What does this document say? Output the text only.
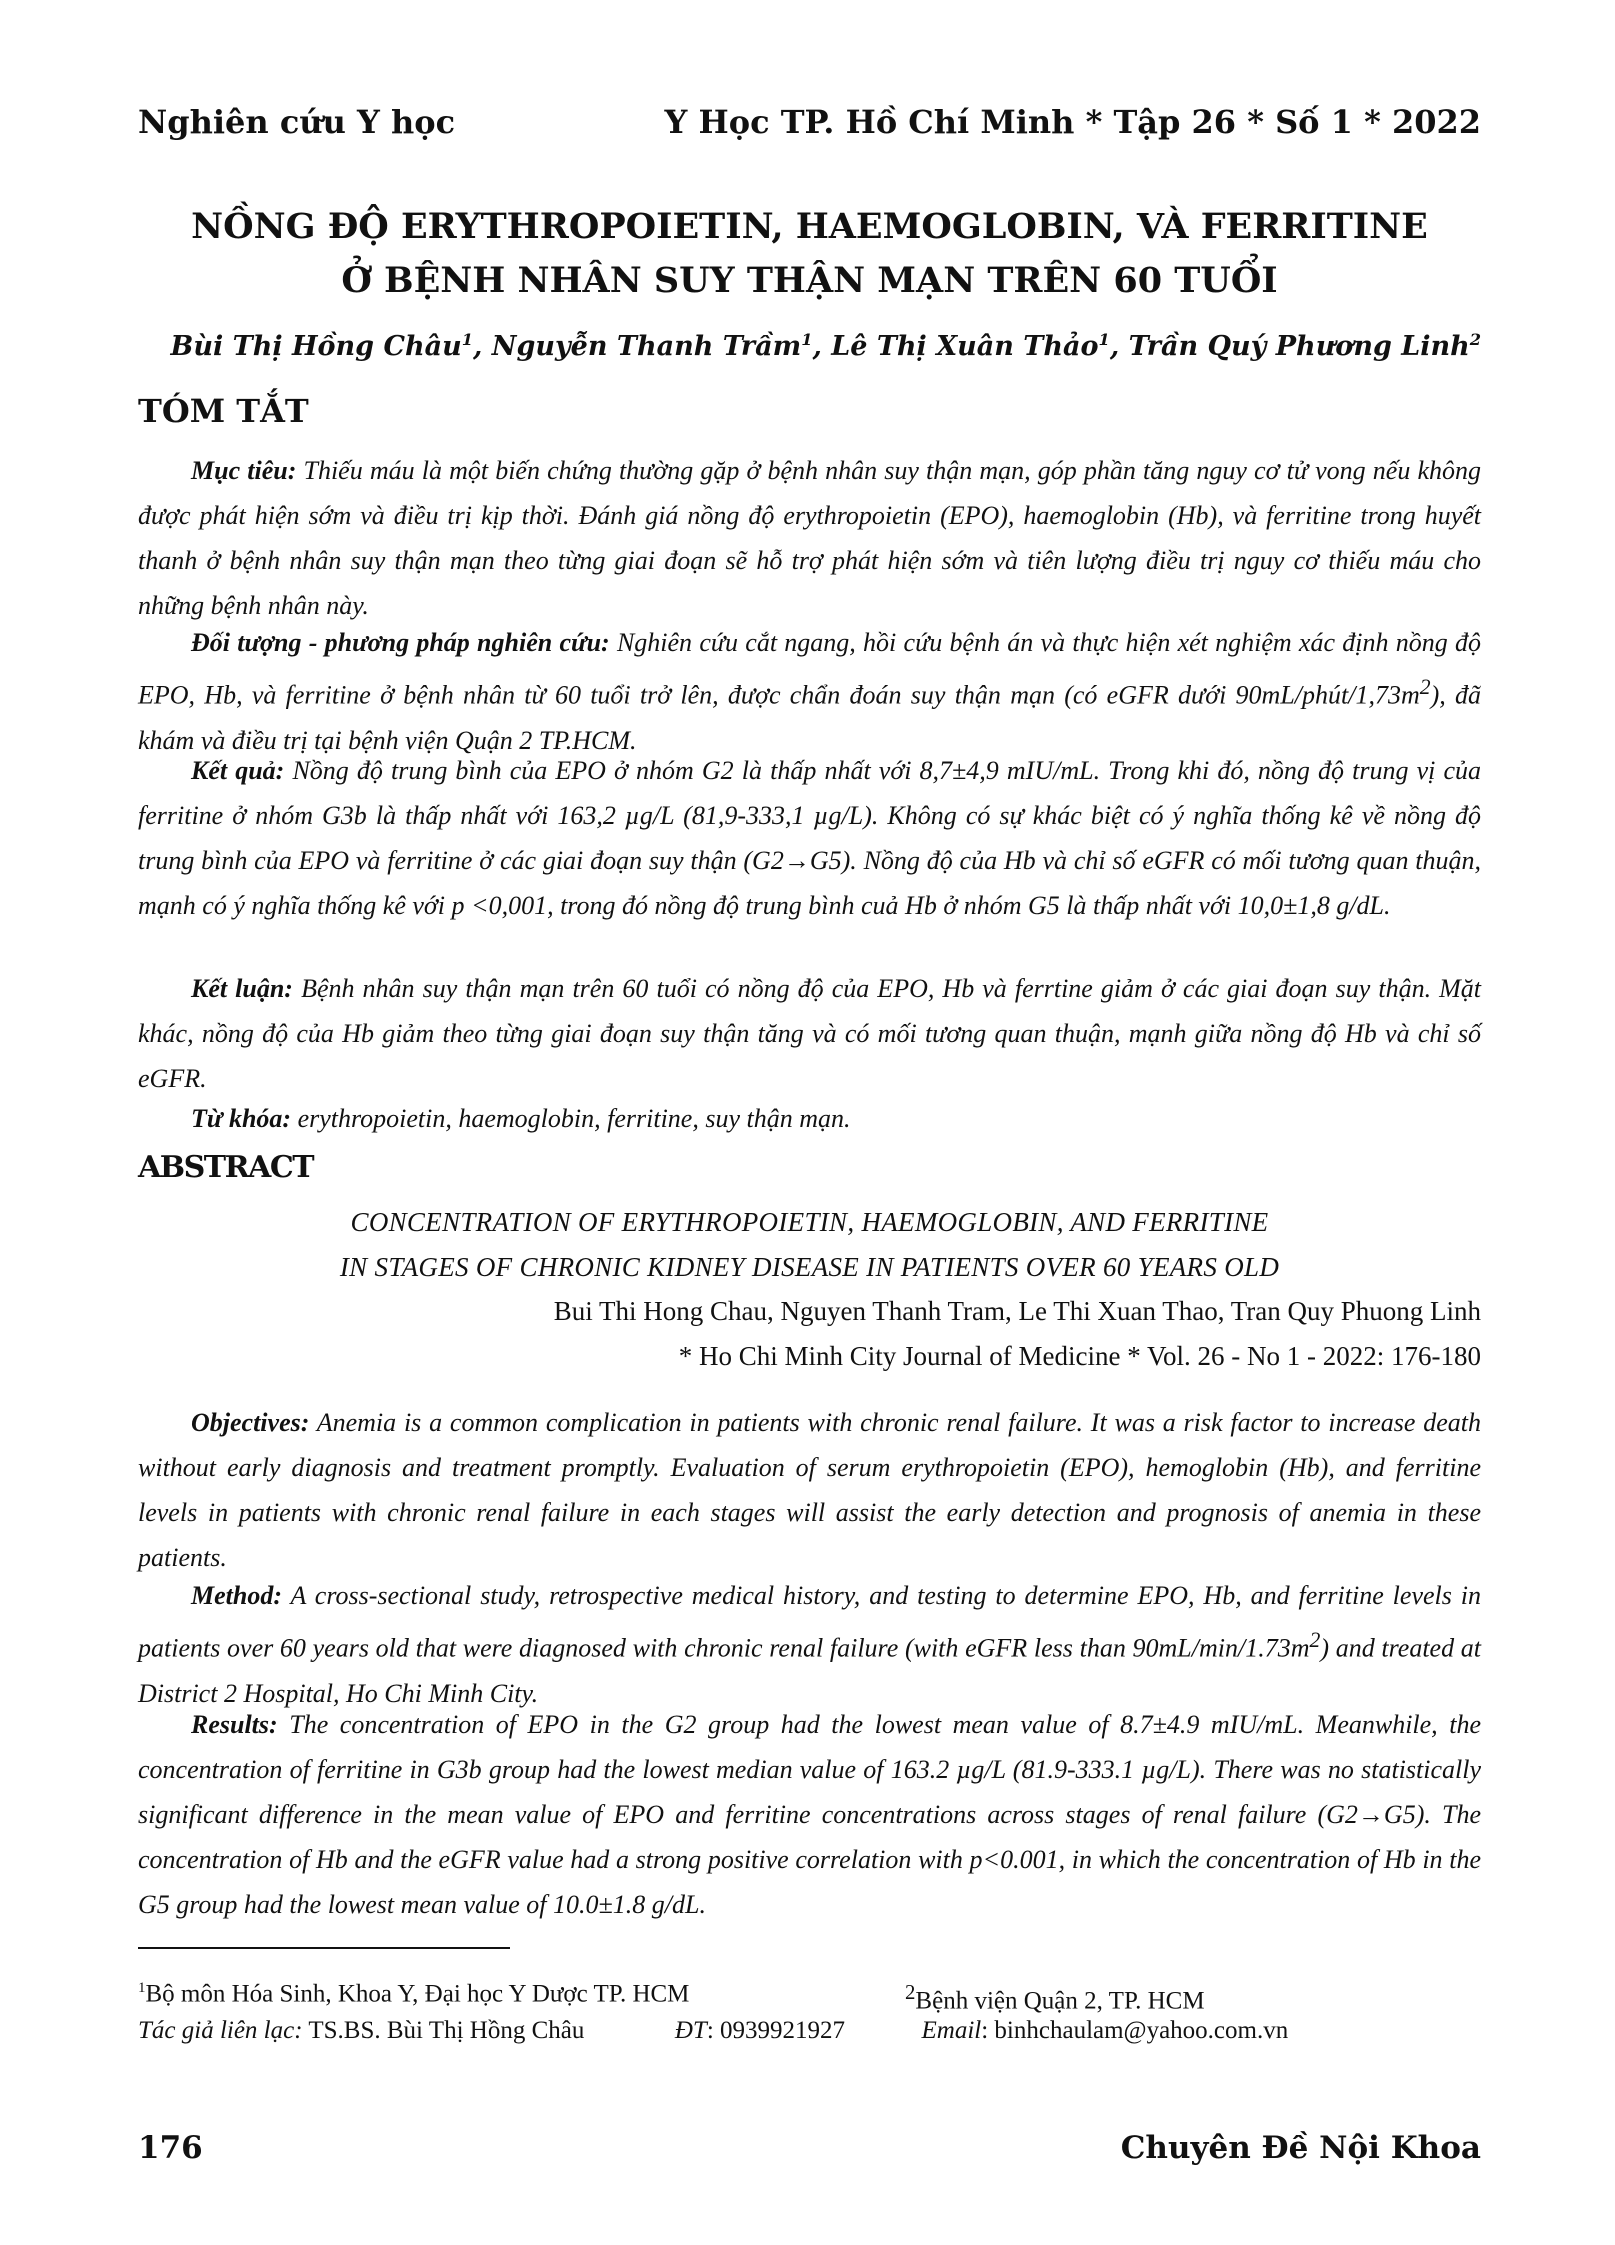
Nghiên cứu Y học	Y Học TP. Hồ Chí Minh * Tập 26 * Số 1 * 2022
NỒNG ĐỘ ERYTHROPOIETIN, HAEMOGLOBIN, VÀ FERRITINE
Ở BỆNH NHÂN SUY THẬN MẠN TRÊN 60 TUỔI
Bùi Thị Hồng Châu$^1$, Nguyễn Thanh Trầm$^1$, Lê Thị Xuân Thảo$^1$, Trần Quý Phương Linh$^2$
TÓM TẮT
Mục tiêu: Thiếu máu là một biến chứng thường gặp ở bệnh nhân suy thận mạn, góp phần tăng nguy cơ tử vong nếu không được phát hiện sớm và điều trị kịp thời. Đánh giá nồng độ erythropoietin (EPO), haemoglobin (Hb), và ferritine trong huyết thanh ở bệnh nhân suy thận mạn theo từng giai đoạn sẽ hỗ trợ phát hiện sớm và tiên lượng điều trị nguy cơ thiếu máu cho những bệnh nhân này.
Đối tượng - phương pháp nghiên cứu: Nghiên cứu cắt ngang, hồi cứu bệnh án và thực hiện xét nghiệm xác định nồng độ EPO, Hb, và ferritine ở bệnh nhân từ 60 tuổi trở lên, được chẩn đoán suy thận mạn (có eGFR dưới $90mL/phút/1,73m^2$), đã khám và điều trị tại bệnh viện Quận 2 TP.HCM.
Kết quả: Nồng độ trung bình của EPO ở nhóm G2 là thấp nhất với 8,7±4,9 mIU/mL. Trong khi đó, nồng độ trung vị của ferritine ở nhóm G3b là thấp nhất với 163,2 µg/L (81,9-333,1 µg/L). Không có sự khác biệt có ý nghĩa thống kê về nồng độ trung bình của EPO và ferritine ở các giai đoạn suy thận (G2→G5). Nồng độ của Hb và chỉ số eGFR có mối tương quan thuận, mạnh có ý nghĩa thống kê với p <0,001, trong đó nồng độ trung bình cuả Hb ở nhóm G5 là thấp nhất với 10,0±1,8 g/dL.
Kết luận: Bệnh nhân suy thận mạn trên 60 tuổi có nồng độ của EPO, Hb và ferrtine giảm ở các giai đoạn suy thận. Mặt khác, nồng độ của Hb giảm theo từng giai đoạn suy thận tăng và có mối tương quan thuận, mạnh giữa nồng độ Hb và chỉ số eGFR.
Từ khóa: erythropoietin, haemoglobin, ferritine, suy thận mạn.
ABSTRACT
CONCENTRATION OF ERYTHROPOIETIN, HAEMOGLOBIN, AND FERRITINE
IN STAGES OF CHRONIC KIDNEY DISEASE IN PATIENTS OVER 60 YEARS OLD
Bui Thi Hong Chau, Nguyen Thanh Tram, Le Thi Xuan Thao, Tran Quy Phuong Linh
* Ho Chi Minh City Journal of Medicine * Vol. 26 - No 1 - 2022: 176-180
Objectives: Anemia is a common complication in patients with chronic renal failure. It was a risk factor to increase death without early diagnosis and treatment promptly. Evaluation of serum erythropoietin (EPO), hemoglobin (Hb), and ferritine levels in patients with chronic renal failure in each stages will assist the early detection and prognosis of anemia in these patients.
Method: A cross-sectional study, retrospective medical history, and testing to determine EPO, Hb, and ferritine levels in patients over 60 years old that were diagnosed with chronic renal failure (with eGFR less than $90mL/\min/1.73m^2$) and treated at District 2 Hospital, Ho Chi Minh City.
Results: The concentration of EPO in the G2 group had the lowest mean value of 8.7±4.9 mIU/mL. Meanwhile, the concentration of ferritine in G3b group had the lowest median value of 163.2 µg/L (81.9-333.1 µg/L). There was no statistically significant difference in the mean value of EPO and ferritine concentrations across stages of renal failure (G2→G5). The concentration of Hb and the eGFR value had a strong positive correlation with p<0.001, in which the concentration of Hb in the G5 group had the lowest mean value of 10.0±1.8 g/dL.
$^1$Bộ môn Hóa Sinh, Khoa Y, Đại học Y Dược TP. HCM	$^2$Bệnh viện Quận 2, TP. HCM
Tác giả liên lạc: TS.BS. Bùi Thị Hồng Châu	ĐT: 0939921927	Email: binhchaulam@yahoo.com.vn
176	Chuyên Đề Nội Khoa
